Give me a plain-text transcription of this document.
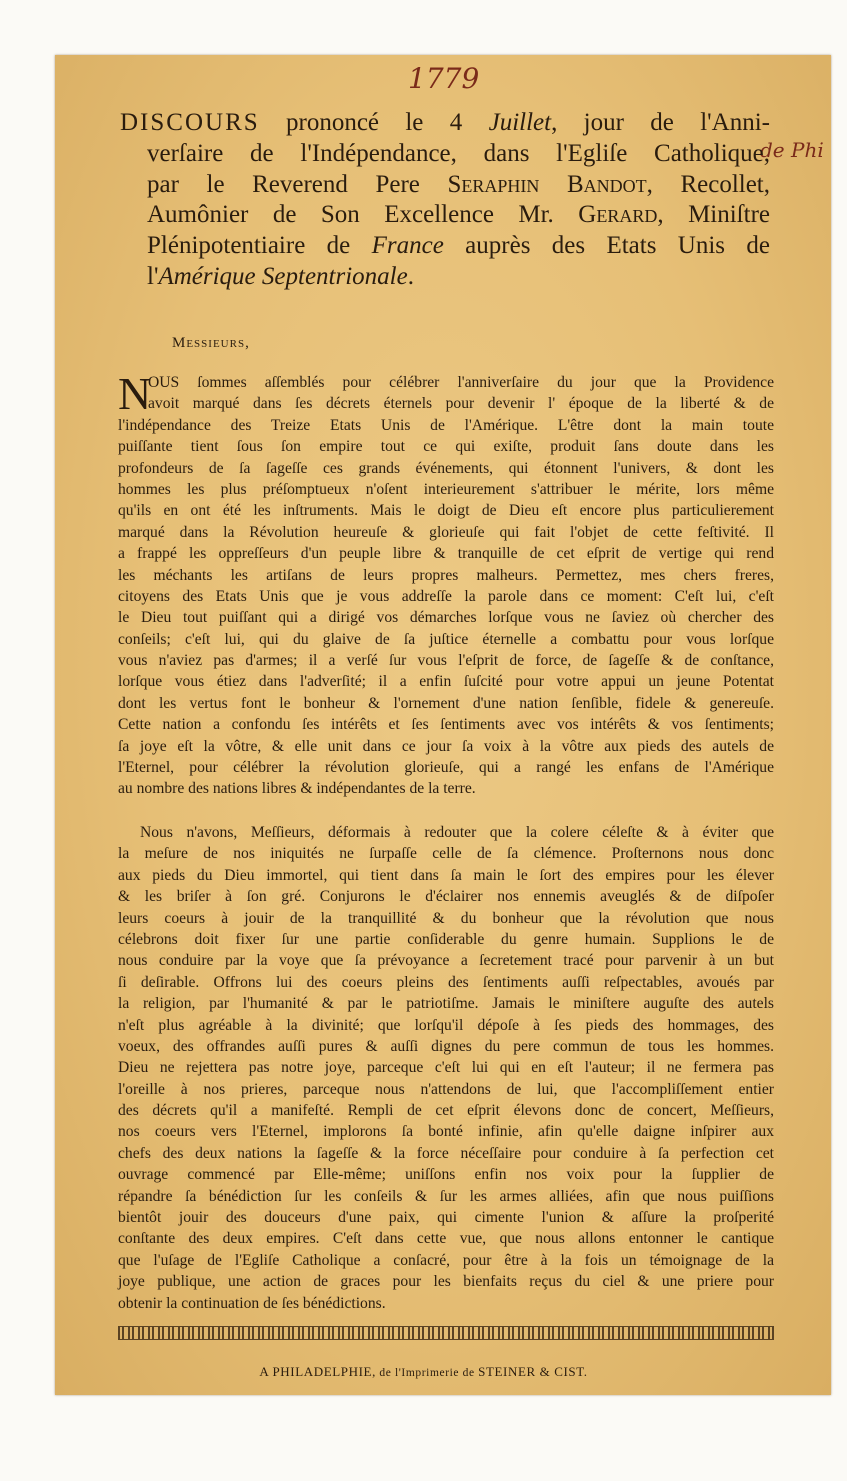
1779
de Phi
DISCOURS prononcé le 4 Juillet, jour de l'Anni-
verſaire de l'Indépendance, dans l'Egliſe Catholique,
par le Reverend Pere Seraphin Bandot, Recollet,
Aumônier de Son Excellence Mr. Gerard, Miniſtre
Plénipotentiaire de France auprès des Etats Unis de
l'Amérique Septentrionale.
Messieurs,
N
OUS ſommes aſſemblés pour célébrer l'anniverſaire du jour que la Providence
avoit marqué dans ſes décrets éternels pour devenir l' époque de la liberté & de
l'indépendance des Treize Etats Unis de l'Amérique. L'être dont la main toute
puiſſante tient ſous ſon empire tout ce qui exiſte, produit ſans doute dans les
profondeurs de ſa ſageſſe ces grands événements, qui étonnent l'univers, & dont les
hommes les plus préſomptueux n'oſent interieurement s'attribuer le mérite, lors même
qu'ils en ont été les inſtruments. Mais le doigt de Dieu eſt encore plus particulierement
marqué dans la Révolution heureuſe & glorieuſe qui fait l'objet de cette feſtivité. Il
a frappé les oppreſſeurs d'un peuple libre & tranquille de cet eſprit de vertige qui rend
les méchants les artiſans de leurs propres malheurs. Permettez, mes chers freres,
citoyens des Etats Unis que je vous addreſſe la parole dans ce moment: C'eſt lui, c'eſt
le Dieu tout puiſſant qui a dirigé vos démarches lorſque vous ne ſaviez où chercher des
conſeils; c'eſt lui, qui du glaive de ſa juſtice éternelle a combattu pour vous lorſque
vous n'aviez pas d'armes; il a verſé ſur vous l'eſprit de force, de ſageſſe & de conſtance,
lorſque vous étiez dans l'adverſité; il a enfin ſuſcité pour votre appui un jeune Potentat
dont les vertus font le bonheur & l'ornement d'une nation ſenſible, fidele & genereuſe.
Cette nation a confondu ſes intérêts et ſes ſentiments avec vos intérêts & vos ſentiments;
ſa joye eſt la vôtre, & elle unit dans ce jour ſa voix à la vôtre aux pieds des autels de
l'Eternel, pour célébrer la révolution glorieuſe, qui a rangé les enfans de l'Amérique
au nombre des nations libres & indépendantes de la terre.
Nous n'avons, Meſſieurs, déformais à redouter que la colere céleſte & à éviter que
la meſure de nos iniquités ne ſurpaſſe celle de ſa clémence. Proſternons nous donc
aux pieds du Dieu immortel, qui tient dans ſa main le ſort des empires pour les élever
& les briſer à ſon gré. Conjurons le d'éclairer nos ennemis aveuglés & de diſpoſer
leurs coeurs à jouir de la tranquillité & du bonheur que la révolution que nous
célebrons doit fixer ſur une partie conſiderable du genre humain. Supplions le de
nous conduire par la voye que ſa prévoyance a ſecretement tracé pour parvenir à un but
ſi deſirable. Offrons lui des coeurs pleins des ſentiments auſſi reſpectables, avoués par
la religion, par l'humanité & par le patriotiſme. Jamais le miniſtere auguſte des autels
n'eſt plus agréable à la divinité; que lorſqu'il dépoſe à ſes pieds des hommages, des
voeux, des offrandes auſſi pures & auſſi dignes du pere commun de tous les hommes.
Dieu ne rejettera pas notre joye, parceque c'eſt lui qui en eſt l'auteur; il ne fermera pas
l'oreille à nos prieres, parceque nous n'attendons de lui, que l'accompliſſement entier
des décrets qu'il a manifeſté. Rempli de cet eſprit élevons donc de concert, Meſſieurs,
nos coeurs vers l'Eternel, implorons ſa bonté infinie, afin qu'elle daigne inſpirer aux
chefs des deux nations la ſageſſe & la force néceſſaire pour conduire à ſa perfection cet
ouvrage commencé par Elle-même; uniſſons enfin nos voix pour la ſupplier de
répandre ſa bénédiction ſur les conſeils & ſur les armes alliées, afin que nous puiſſions
bientôt jouir des douceurs d'une paix, qui cimente l'union & aſſure la proſperité
conſtante des deux empires. C'eſt dans cette vue, que nous allons entonner le cantique
que l'uſage de l'Egliſe Catholique a conſacré, pour être à la fois un témoignage de la
joye publique, une action de graces pour les bienfaits reçus du ciel & une priere pour
obtenir la continuation de ſes bénédictions.
A PHILADELPHIE, de l'Imprimerie de STEINER & CIST.
